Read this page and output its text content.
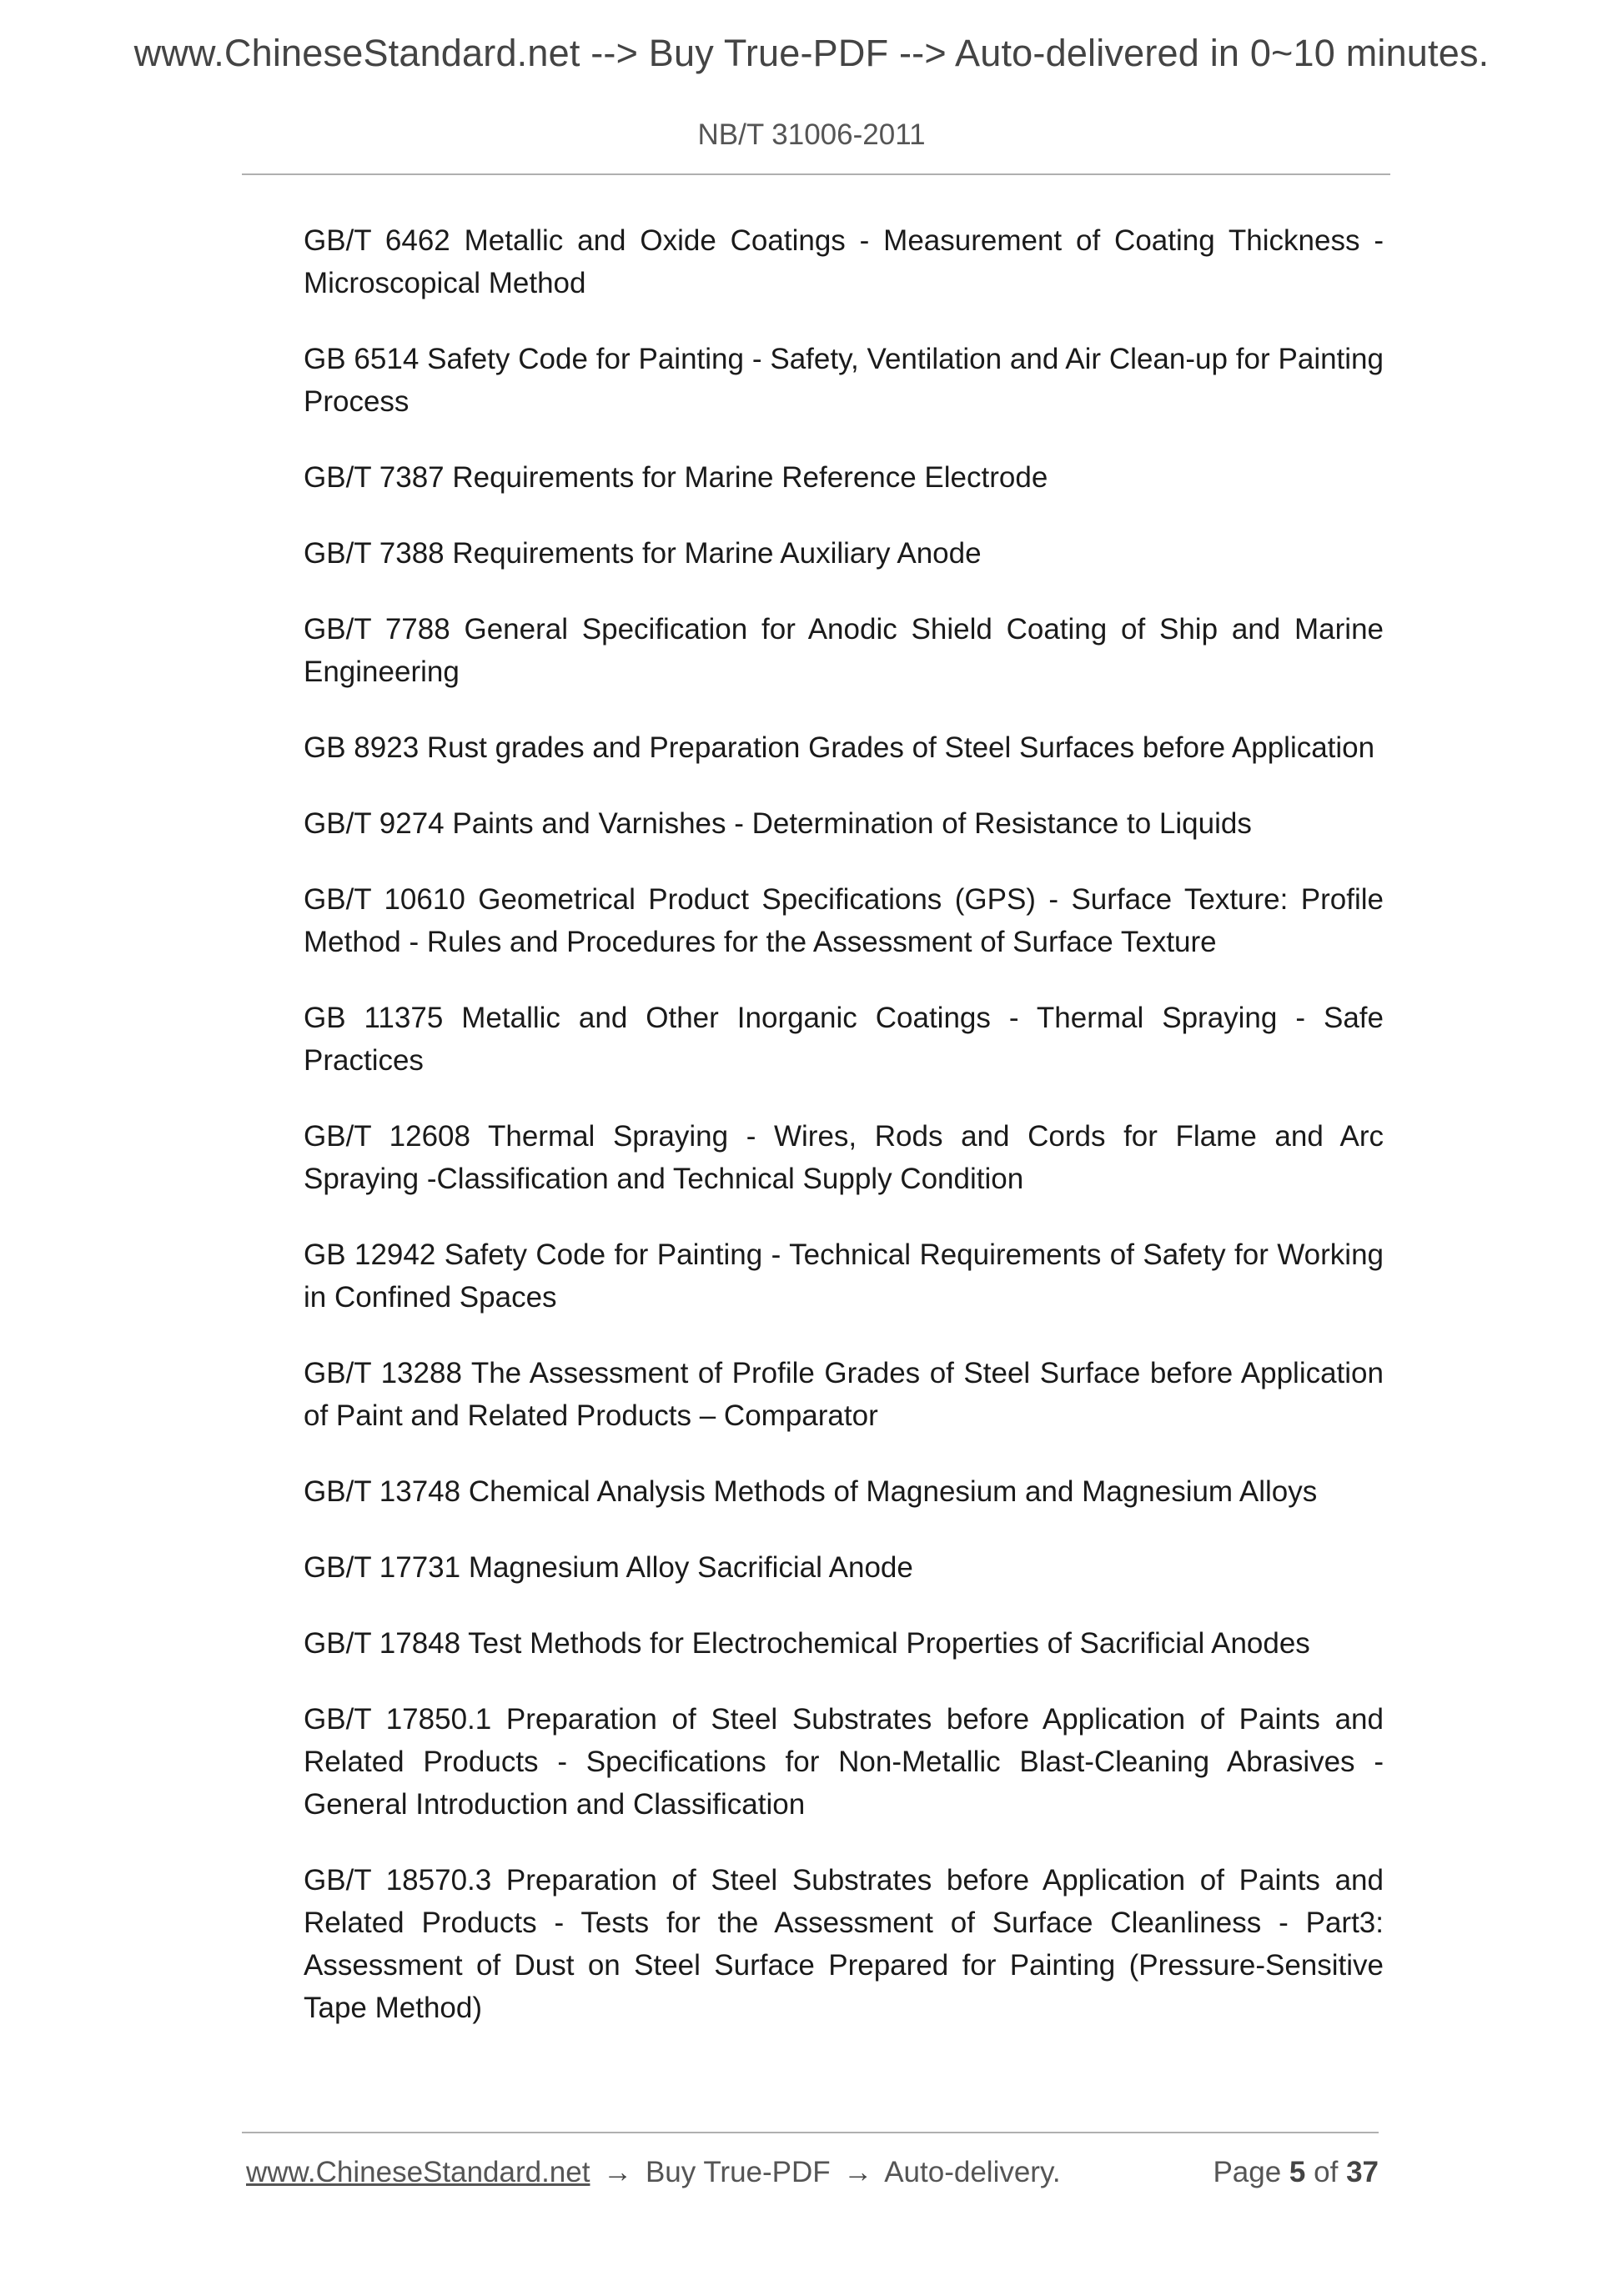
www.ChineseStandard.net --> Buy True-PDF --> Auto-delivered in 0~10 minutes.
NB/T 31006-2011
GB/T 6462 Metallic and Oxide Coatings - Measurement of Coating Thickness - Microscopical Method
GB 6514 Safety Code for Painting - Safety, Ventilation and Air Clean-up for Painting Process
GB/T 7387 Requirements for Marine Reference Electrode
GB/T 7388 Requirements for Marine Auxiliary Anode
GB/T 7788 General Specification for Anodic Shield Coating of Ship and Marine Engineering
GB 8923 Rust grades and Preparation Grades of Steel Surfaces before Application
GB/T 9274 Paints and Varnishes - Determination of Resistance to Liquids
GB/T 10610 Geometrical Product Specifications (GPS) - Surface Texture: Profile Method - Rules and Procedures for the Assessment of Surface Texture
GB 11375 Metallic and Other Inorganic Coatings - Thermal Spraying - Safe Practices
GB/T 12608 Thermal Spraying - Wires, Rods and Cords for Flame and Arc Spraying -Classification and Technical Supply Condition
GB 12942 Safety Code for Painting - Technical Requirements of Safety for Working in Confined Spaces
GB/T 13288 The Assessment of Profile Grades of Steel Surface before Application of Paint and Related Products – Comparator
GB/T 13748 Chemical Analysis Methods of Magnesium and Magnesium Alloys
GB/T 17731 Magnesium Alloy Sacrificial Anode
GB/T 17848 Test Methods for Electrochemical Properties of Sacrificial Anodes
GB/T 17850.1 Preparation of Steel Substrates before Application of Paints and Related Products - Specifications for Non-Metallic Blast-Cleaning Abrasives - General Introduction and Classification
GB/T 18570.3 Preparation of Steel Substrates before Application of Paints and Related Products - Tests for the Assessment of Surface Cleanliness - Part3: Assessment of Dust on Steel Surface Prepared for Painting (Pressure-Sensitive Tape Method)
www.ChineseStandard.net → Buy True-PDF → Auto-delivery.	Page 5 of 37
